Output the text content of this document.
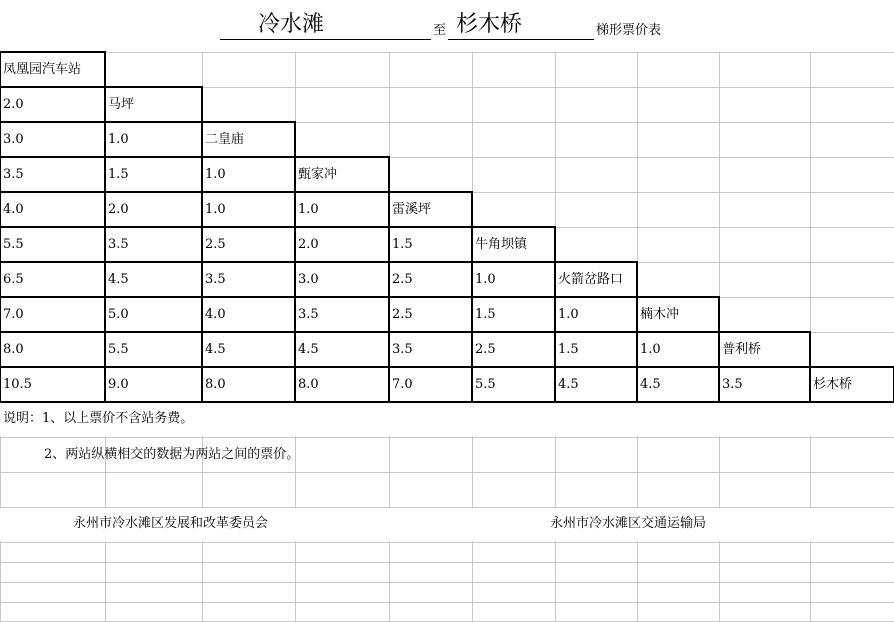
冷水滩	至 杉木桥	梯形票价表
凤凰园汽车站
2.0	马坪
3.0	1.0	二皇庙
3.5	1.5	1.0	甄家冲
4.0	2.0	1.0	1.0	雷溪坪
5.5	3.5	2.5	2.0	1.5	牛角坝镇
6.5	4.5	3.5	3.0	2.5	1.0	火箭岔路口
7.0	5.0	4.0	3.5	2.5	1.5	1.0	楠木冲
8.0	5.5	4.5	4.5	3.5	2.5	1.5	1.0	普利桥
10.5	9.0	8.0	8.0	7.0	5.5	4.5	4.5	3.5	杉木桥
说明：1、以上票价不含站务费。
2、两站纵横相交的数据为两站之间的票价。
永州市冷水滩区发展和改革委员会	永州市冷水滩区交通运输局
